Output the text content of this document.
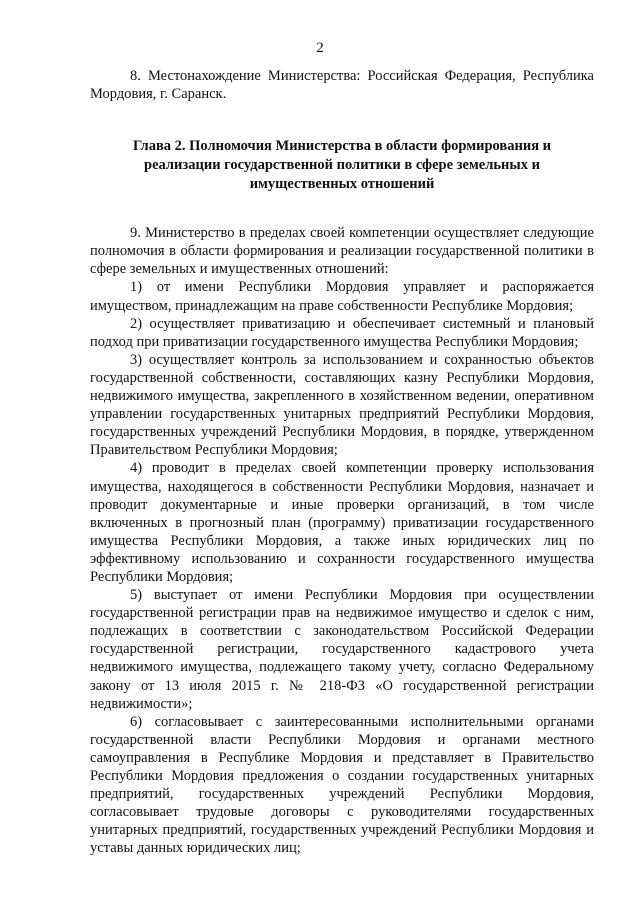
2

8. Местонахождение Министерства: Российская Федерация, Республика Мордовия, г. Саранск.

Глава 2. Полномочия Министерства в области формирования и реализации государственной политики в сфере земельных и имущественных отношений

9. Министерство в пределах своей компетенции осуществляет следующие полномочия в области формирования и реализации государственной политики в сфере земельных и имущественных отношений:

1) от имени Республики Мордовия управляет и распоряжается имуществом, принадлежащим на праве собственности Республике Мордовия;

2) осуществляет приватизацию и обеспечивает системный и плановый подход при приватизации государственного имущества Республики Мордовия;

3) осуществляет контроль за использованием и сохранностью объектов государственной собственности, составляющих казну Республики Мордовия, недвижимого имущества, закрепленного в хозяйственном ведении, оперативном управлении государственных унитарных предприятий Республики Мордовия, государственных учреждений Республики Мордовия, в порядке, утвержденном Правительством Республики Мордовия;

4) проводит в пределах своей компетенции проверку использования имущества, находящегося в собственности Республики Мордовия, назначает и проводит документарные и иные проверки организаций, в том числе включенных в прогнозный план (программу) приватизации государственного имущества Республики Мордовия, а также иных юридических лиц по эффективному использованию и сохранности государственного имущества Республики Мордовия;

5) выступает от имени Республики Мордовия при осуществлении государственной регистрации прав на недвижимое имущество и сделок с ним, подлежащих в соответствии с законодательством Российской Федерации государственной регистрации, государственного кадастрового учета недвижимого имущества, подлежащего такому учету, согласно Федеральному закону от 13 июля 2015 г. № 218-ФЗ «О государственной регистрации недвижимости»;

6) согласовывает с заинтересованными исполнительными органами государственной власти Республики Мордовия и органами местного самоуправления в Республике Мордовия и представляет в Правительство Республики Мордовия предложения о создании государственных унитарных предприятий, государственных учреждений Республики Мордовия, согласовывает трудовые договоры с руководителями государственных унитарных предприятий, государственных учреждений Республики Мордовия и уставы данных юридических лиц;
